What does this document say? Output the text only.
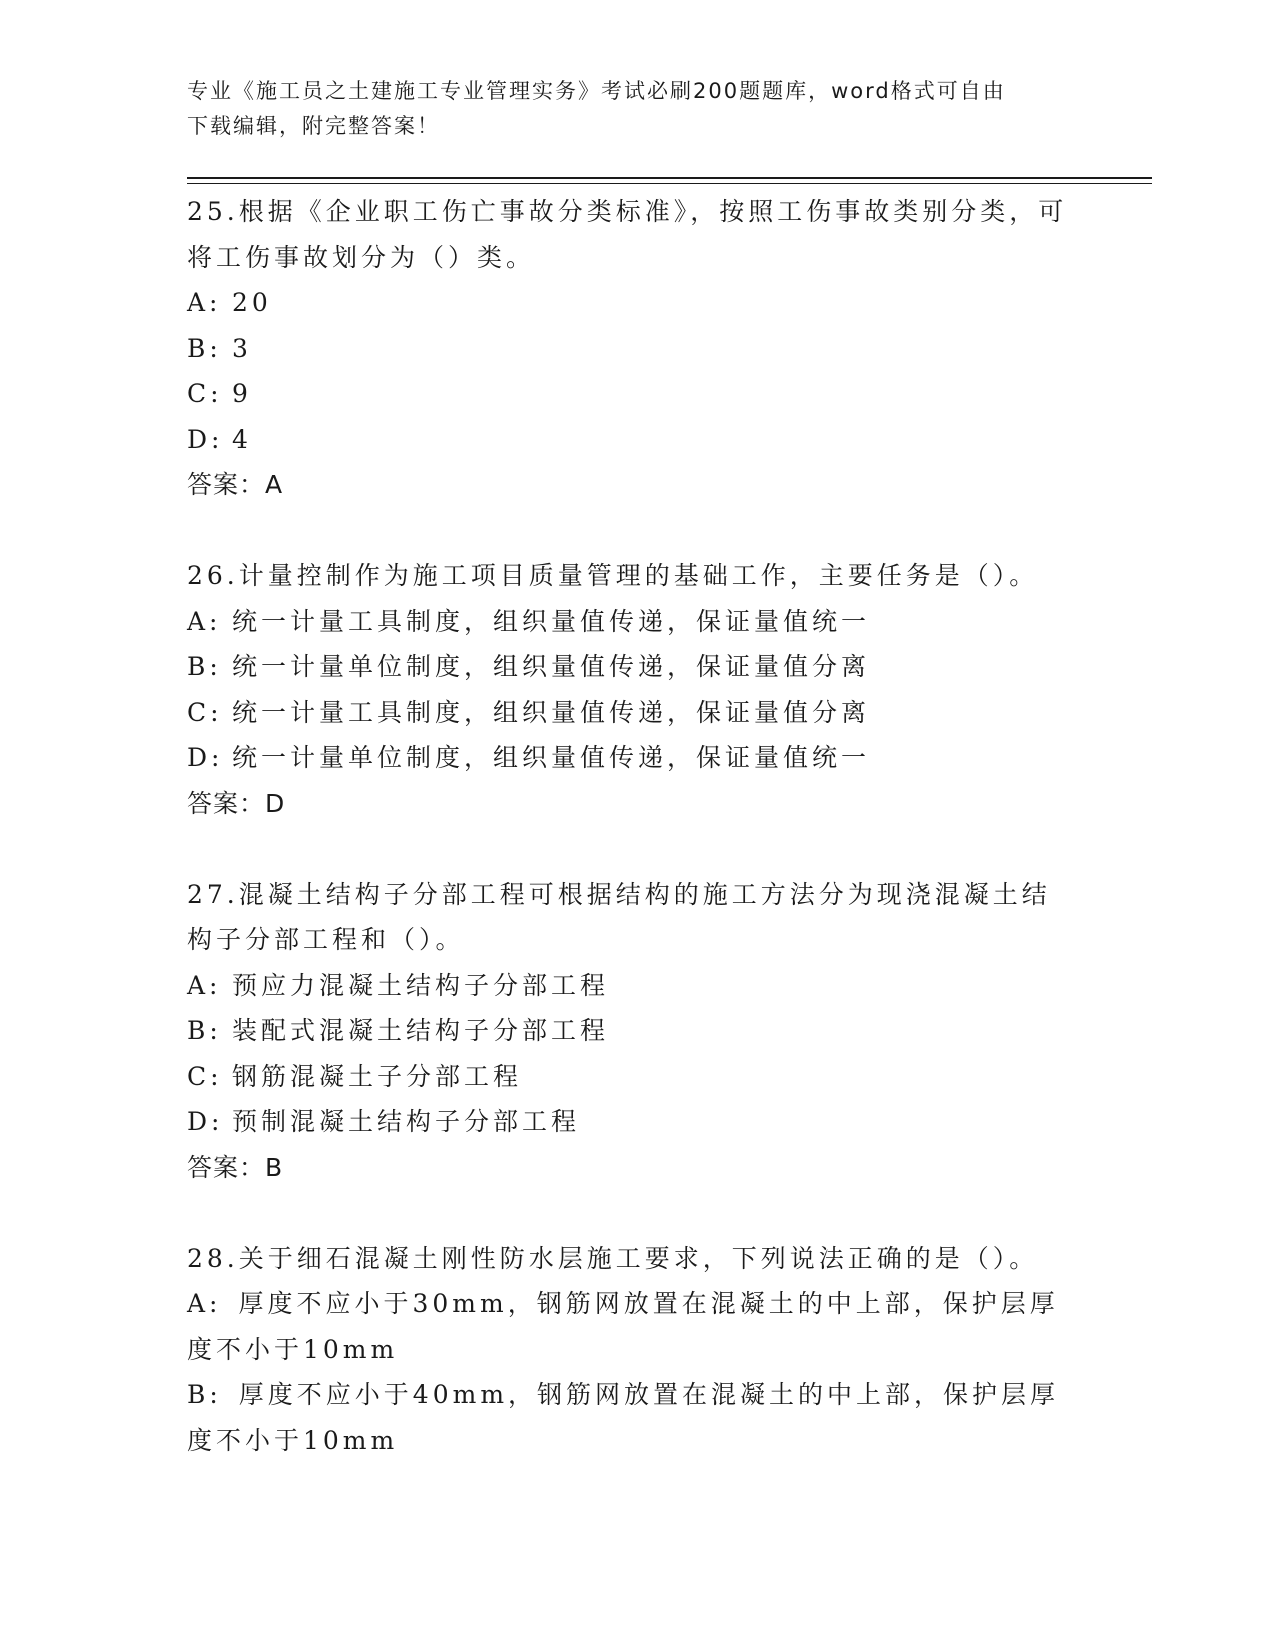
专业《施工员之土建施工专业管理实务》考试必刷200题题库，word格式可自由
下载编辑，附完整答案！
25.根据《企业职工伤亡事故分类标准》，按照工伤事故类别分类，可将工伤事故划分为（）类。
A: 20
B: 3
C: 9
D: 4
答案：A
26.计量控制作为施工项目质量管理的基础工作，主要任务是（）。
A: 统一计量工具制度，组织量值传递，保证量值统一
B: 统一计量单位制度，组织量值传递，保证量值分离
C: 统一计量工具制度，组织量值传递，保证量值分离
D: 统一计量单位制度，组织量值传递，保证量值统一
答案：D
27.混凝土结构子分部工程可根据结构的施工方法分为现浇混凝土结构子分部工程和（）。
A: 预应力混凝土结构子分部工程
B: 装配式混凝土结构子分部工程
C: 钢筋混凝土子分部工程
D: 预制混凝土结构子分部工程
答案：B
28.关于细石混凝土刚性防水层施工要求，下列说法正确的是（）。
A: 厚度不应小于30mm，钢筋网放置在混凝土的中上部，保护层厚度不小于10mm
B: 厚度不应小于40mm，钢筋网放置在混凝土的中上部，保护层厚度不小于10mm
